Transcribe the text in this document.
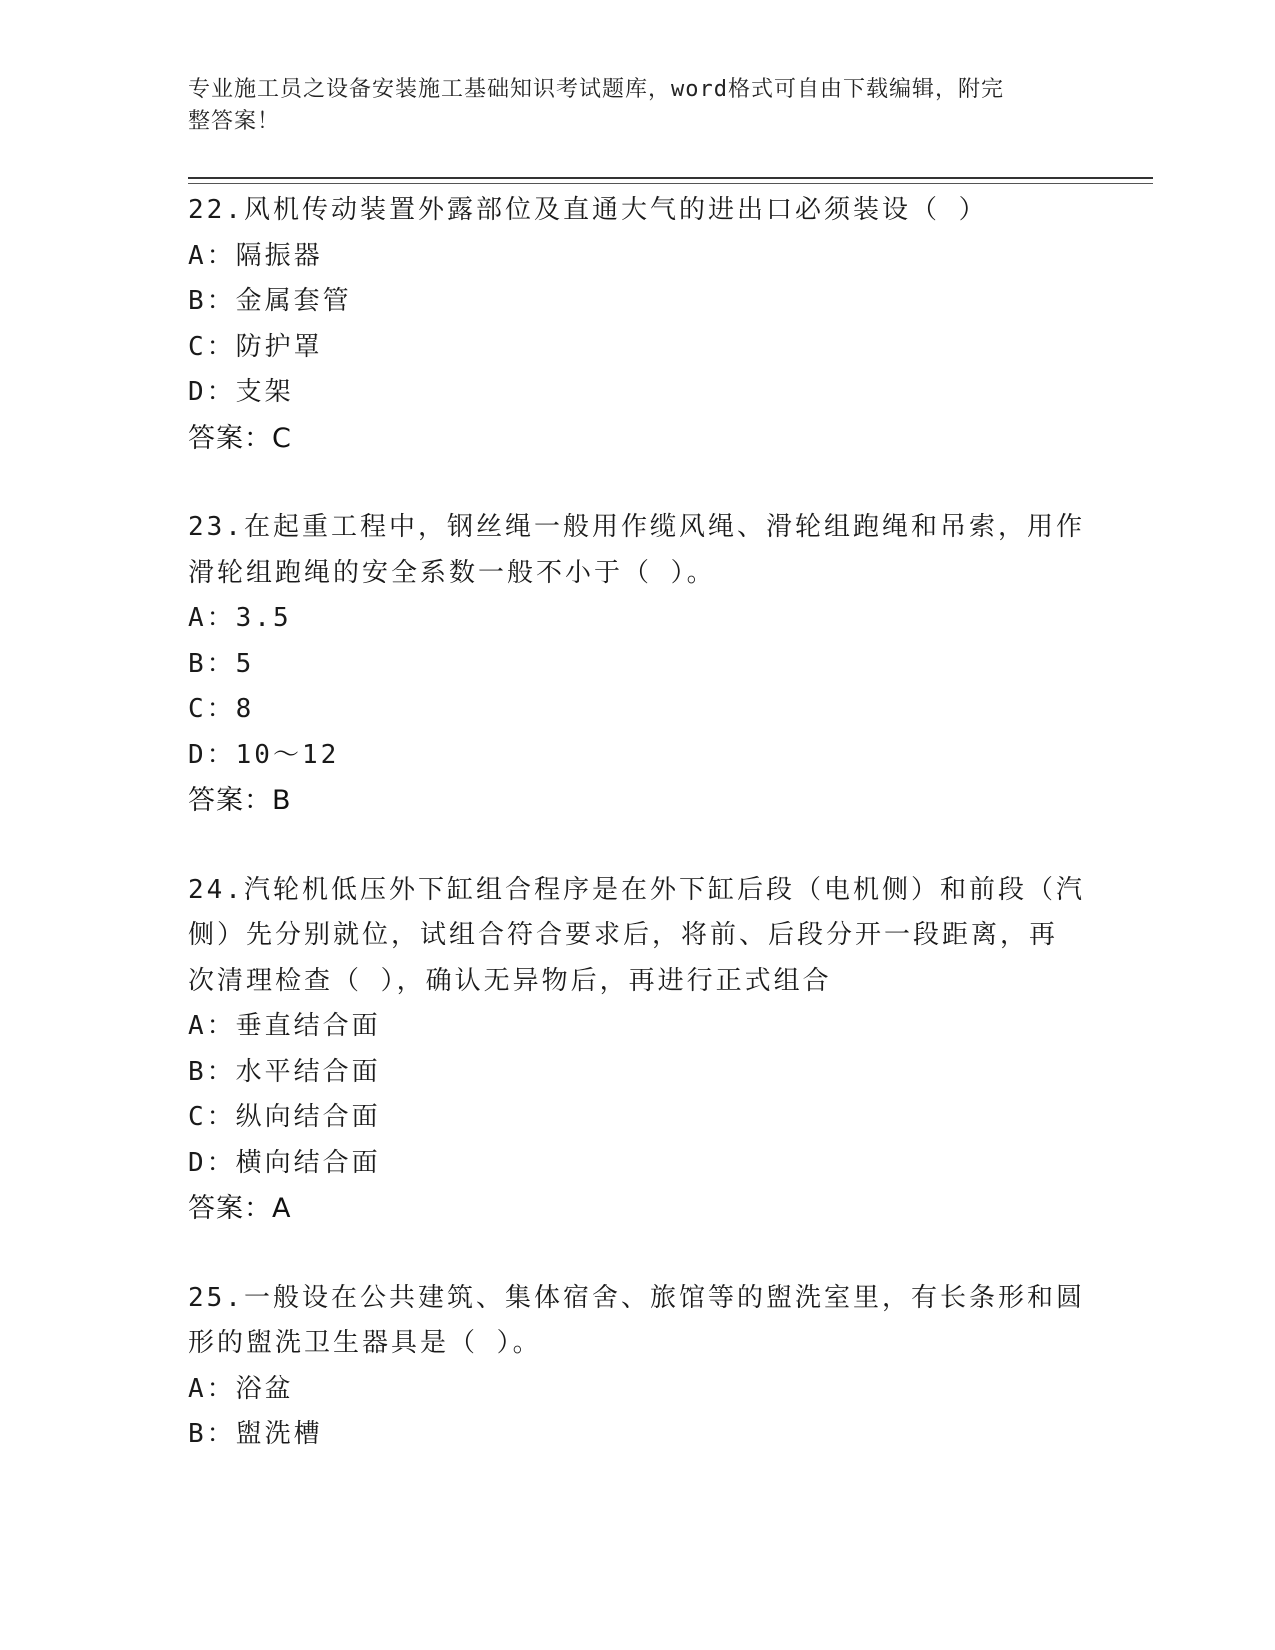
专业施工员之设备安装施工基础知识考试题库，word格式可自由下载编辑，附完
整答案！
22.风机传动装置外露部位及直通大气的进出口必须装设（ ）
A：隔振器
B：金属套管
C：防护罩
D：支架
答案：C
23.在起重工程中，钢丝绳一般用作缆风绳、滑轮组跑绳和吊索，用作
滑轮组跑绳的安全系数一般不小于（ ）。
A：3.5
B：5
C：8
D：10～12
答案：B
24.汽轮机低压外下缸组合程序是在外下缸后段（电机侧）和前段（汽
侧）先分别就位，试组合符合要求后，将前、后段分开一段距离，再
次清理检查（ ），确认无异物后，再进行正式组合
A：垂直结合面
B：水平结合面
C：纵向结合面
D：横向结合面
答案：A
25.一般设在公共建筑、集体宿舍、旅馆等的盥洗室里，有长条形和圆
形的盥洗卫生器具是（ ）。
A：浴盆
B：盥洗槽
